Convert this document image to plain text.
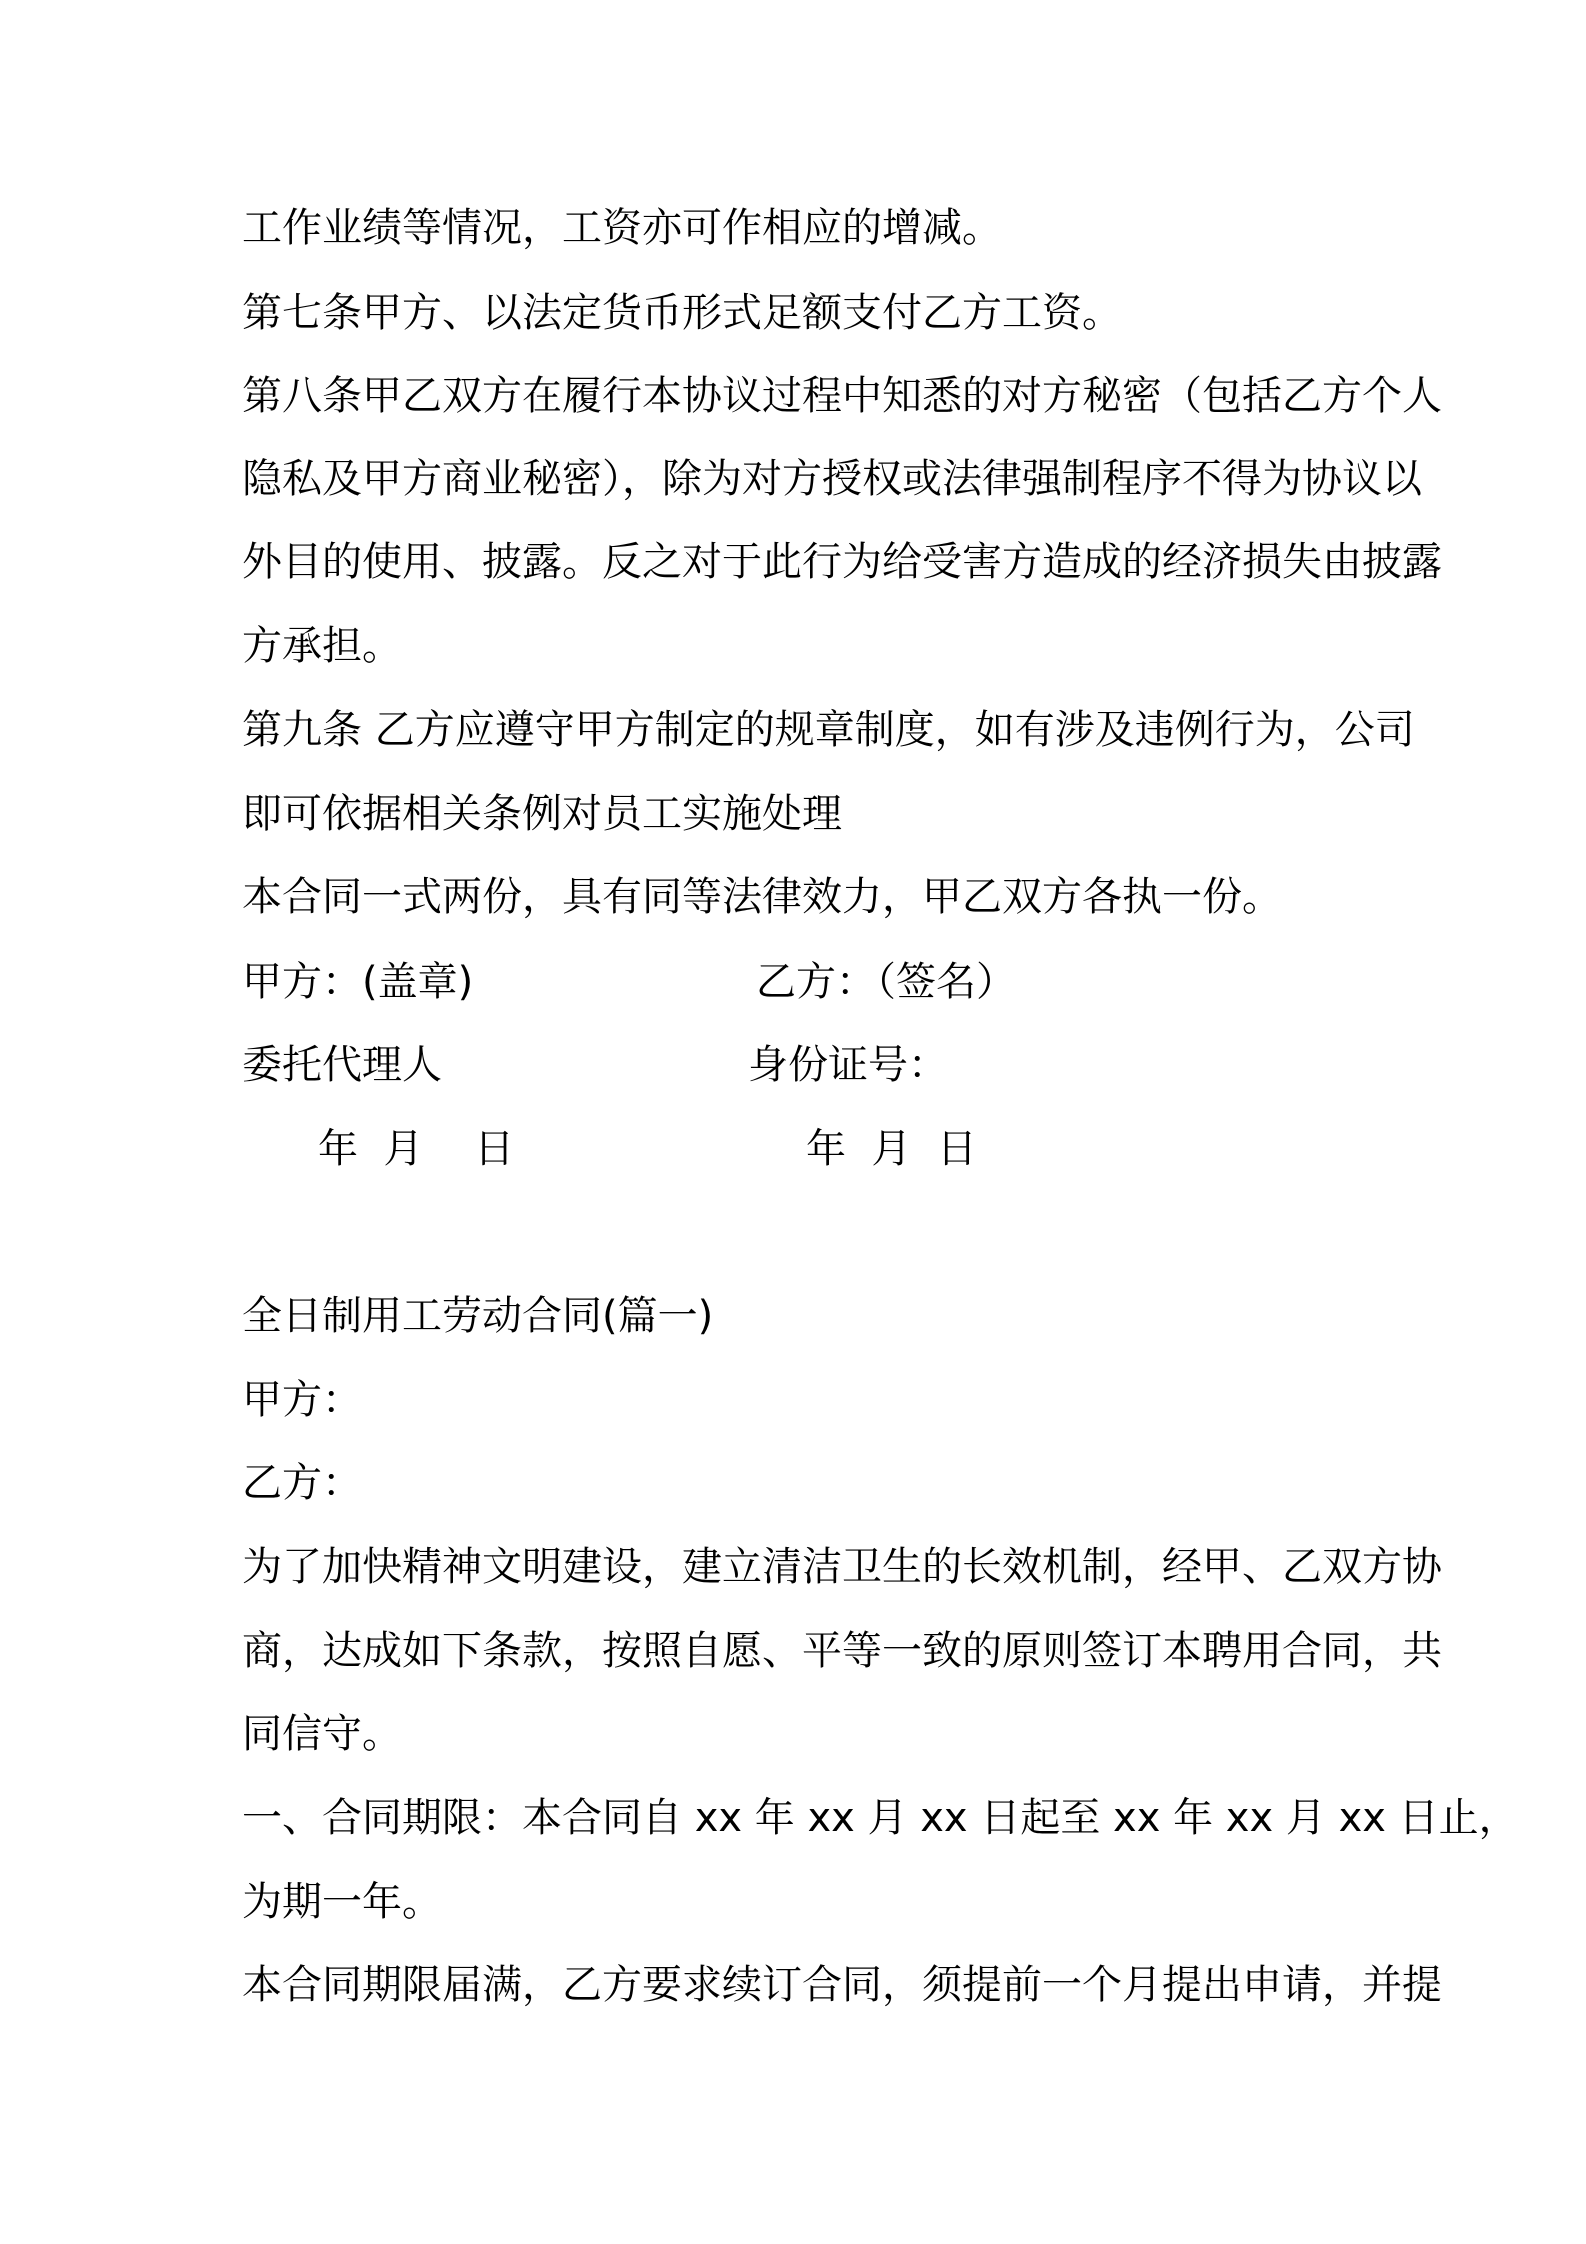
工作业绩等情况，工资亦可作相应的增减。
第七条甲方、以法定货币形式足额支付乙方工资。
第八条甲乙双方在履行本协议过程中知悉的对方秘密（包括乙方个人
隐私及甲方商业秘密），除为对方授权或法律强制程序不得为协议以
外目的使用、披露。反之对于此行为给受害方造成的经济损失由披露
方承担。
第九条 乙方应遵守甲方制定的规章制度，如有涉及违例行为，公司
即可依据相关条例对员工实施处理
本合同一式两份，具有同等法律效力，甲乙双方各执一份。
甲方：(盖章)	乙方：（签名）
委托代理人	身份证号：
年  月    日	年  月  日
全日制用工劳动合同(篇一)
甲方：
乙方：
为了加快精神文明建设，建立清洁卫生的长效机制，经甲、乙双方协
商，达成如下条款，按照自愿、平等一致的原则签订本聘用合同，共
同信守。
一、合同期限：本合同自 xx 年 xx 月 xx 日起至 xx 年 xx 月 xx 日止，
为期一年。
本合同期限届满，乙方要求续订合同，须提前一个月提出申请，并提
